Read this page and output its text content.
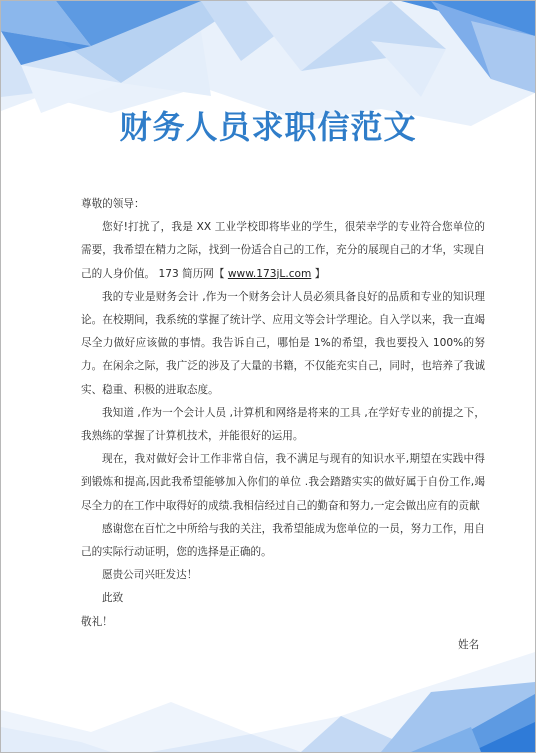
财务人员求职信范文

尊敬的领导：

您好!打扰了，我是 XX 工业学校即将毕业的学生，很荣幸学的专业符合您单位的需要，我希望在精力之际，找到一份适合自己的工作，充分的展现自己的才华，实现自己的人身价值。 173 简历网【 www.173jL.com 】

我的专业是财务会计 ,作为一个财务会计人员必须具备良好的品质和专业的知识理论。在校期间，我系统的掌握了统计学、应用文等会计学理论。自入学以来，我一直竭尽全力做好应该做的事情。我告诉自己，哪怕是 1%的希望，我也要投入 100%的努力。在闲余之际，我广泛的涉及了大量的书籍，不仅能充实自己，同时，也培养了我诚实、稳重、积极的进取态度。

我知道 ,作为一个会计人员 ,计算机和网络是将来的工具 ,在学好专业的前提之下，我熟练的掌握了计算机技术，并能很好的运用。

现在，我对做好会计工作非常自信，我不满足与现有的知识水平,期望在实践中得到锻炼和提高,因此我希望能够加入你们的单位 .我会踏踏实实的做好属于自份工作,竭尽全力的在工作中取得好的成绩.我相信经过自己的勤奋和努力,一定会做出应有的贡献

感谢您在百忙之中所给与我的关注，我希望能成为您单位的一员，努力工作，用自己的实际行动证明，您的选择是正确的。

愿贵公司兴旺发达！

此致

敬礼！

姓名
